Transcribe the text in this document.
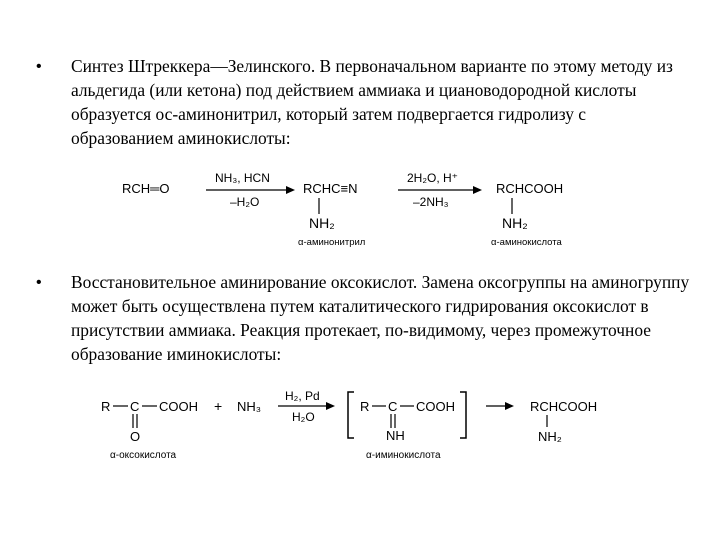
• Синтез Штреккера—Зелинского. В первоначальном варианте по этому методу из альдегида (или кетона) под действием аммиака и циановодородной кислоты образуется ос-аминонитрил, который затем подвергается гидролизу с образованием аминокислоты:

RCH═O
NH₃, HCN
–H₂O
RCHC≡N
NH₂
α-аминонитрил
2H₂O, H⁺
–2NH₃
RCHCOOH
NH₂
α-аминокислота
• Восстановительное аминирование оксокислот. Замена оксогруппы на аминогруппу может быть осуществлена путем каталитического гидрирования оксокислот в присутствии аммиака. Реакция протекает, по-видимому, через промежуточное образование иминокислоты:

R C COOH
O
α-оксокислота
+ NH₃
H₂, Pd
H₂O
R C COOH
NH
α-иминокислота
RCHCOOH
NH₂
